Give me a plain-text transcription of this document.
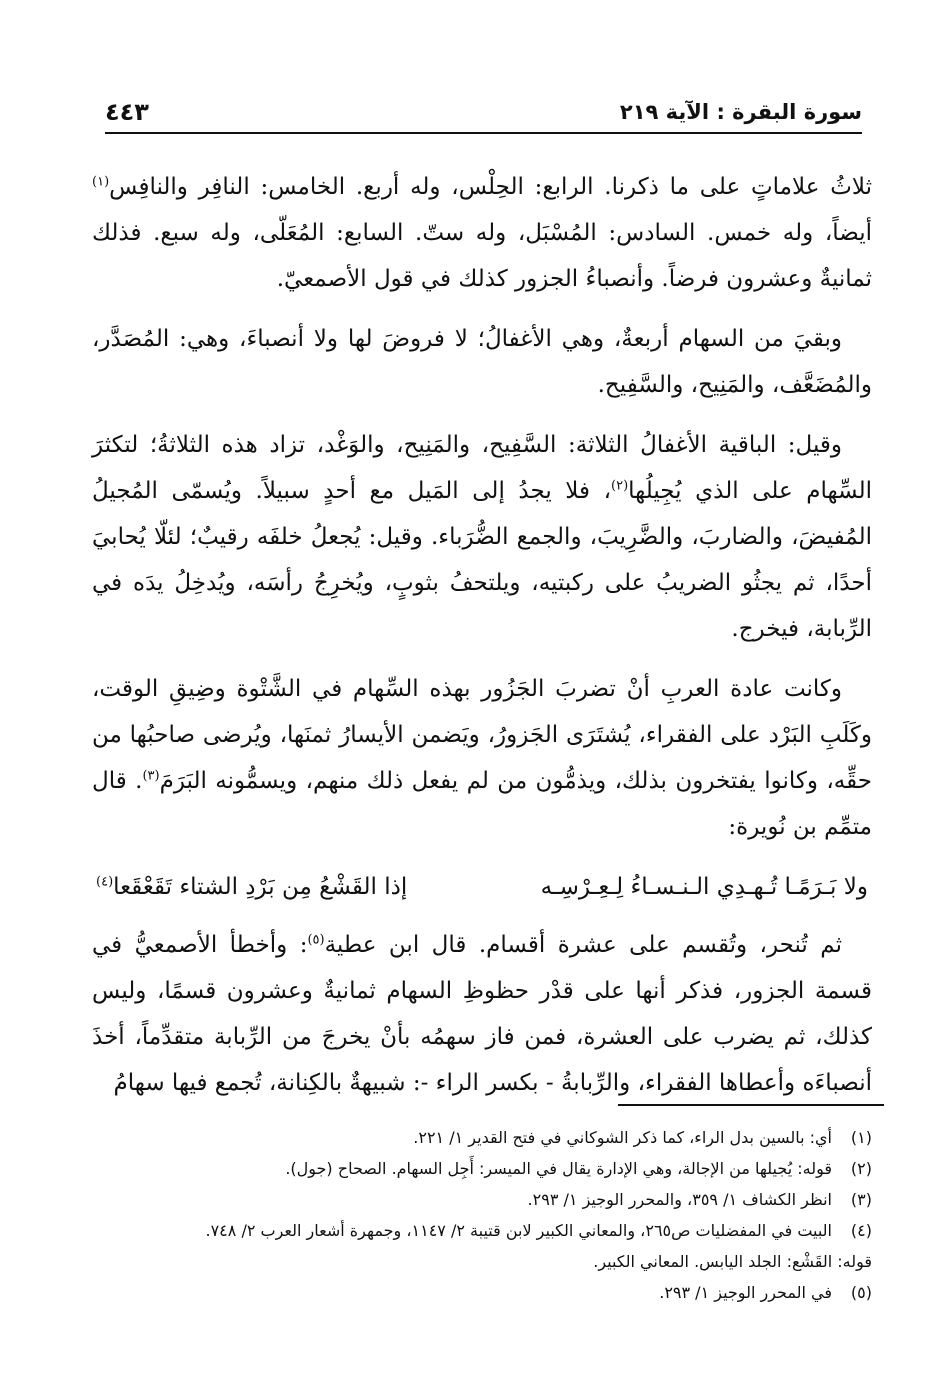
سورة البقرة : الآية ٢١٩
٤٤٣

ثلاثُ علاماتٍ على ما ذكرنا. الرابع: الحِلْس، وله أربع. الخامس: النافِر والنافِس$^{(١)}$ أيضاً، وله خمس. السادس: المُسْبَل، وله ستّ. السابع: المُعَلّى، وله سبع. فذلك ثمانيةٌ وعشرون فرضاً. وأنصباءُ الجزور كذلك في قول الأصمعيّ.

وبقيَ من السهام أربعةٌ، وهي الأغفالُ؛ لا فروضَ لها ولا أنصباءَ، وهي: المُصَدَّر، والمُضَعَّف، والمَنِيح، والسَّفِيح.

وقيل: الباقية الأغفالُ الثلاثة: السَّفِيح، والمَنِيح، والوَغْد، تزاد هذه الثلاثةُ؛ لتكثرَ السِّهام على الذي يُجِيلُها$^{(٢)}$، فلا يجدُ إلى المَيل مع أحدٍ سبيلاً. ويُسمّى المُجيلُ المُفيضَ، والضاربَ، والضَّرِيبَ، والجمع الضُّرَباء. وقيل: يُجعلُ خلفَه رقيبٌ؛ لئلّا يُحابيَ أحدًا، ثم يجثُو الضريبُ على ركبتيه، ويلتحفُ بثوبٍ، ويُخرِجُ رأسَه، ويُدخِلُ يدَه في الرِّبابة، فيخرج.

وكانت عادة العربِ أنْ تضربَ الجَزُور بهذه السِّهام في الشَّتْوة وضِيقِ الوقت، وكَلَبِ البَرْد على الفقراء، يُشتَرَى الجَزورُ، ويَضمن الأيسارُ ثمنَها، ويُرضى صاحبُها من حقِّه، وكانوا يفتخرون بذلك، ويذمُّون من لم يفعل ذلك منهم، ويسمُّونه البَرَمَ$^{(٣)}$. قال متمِّم بن نُويرة:

ولا بَـرَمًـا تُـهـدِي الـنـسـاءُ لِـعِـرْسِـه
إذا القَشْعُ مِن بَرْدِ الشتاء تَقَعْقَعا$^{(٤)}$

ثم تُنحر، وتُقسم على عشرة أقسام. قال ابن عطية$^{(٥)}$: وأخطأ الأصمعيُّ في قسمة الجزور، فذكر أنها على قدْر حظوظِ السهام ثمانيةٌ وعشرون قسمًا، وليس كذلك، ثم يضرب على العشرة، فمن فاز سهمُه بأنْ يخرجَ من الرِّبابة متقدِّماً، أخذَ أنصباءَه وأعطاها الفقراء، والرِّبابةُ - بكسر الراء -: شبيهةٌ بالكِنانة، تُجمع فيها سهامُ

(١)
أي: بالسين بدل الراء، كما ذكر الشوكاني في فتح القدير ١/ ٢٢١.
(٢)
قوله: يُجيلها من الإجالة، وهي الإدارة يقال في الميسر: أَجِل السهام. الصحاح (جول).
(٣)
انظر الكشاف ١/ ٣٥٩، والمحرر الوجيز ١/ ٢٩٣.
(٤)
البيت في المفضليات ص٢٦٥، والمعاني الكبير لابن قتيبة ٢/ ١١٤٧، وجمهرة أشعار العرب ٢/ ٧٤٨.
قوله: القَشْع: الجلد اليابس. المعاني الكبير.
(٥)
في المحرر الوجيز ١/ ٢٩٣.
